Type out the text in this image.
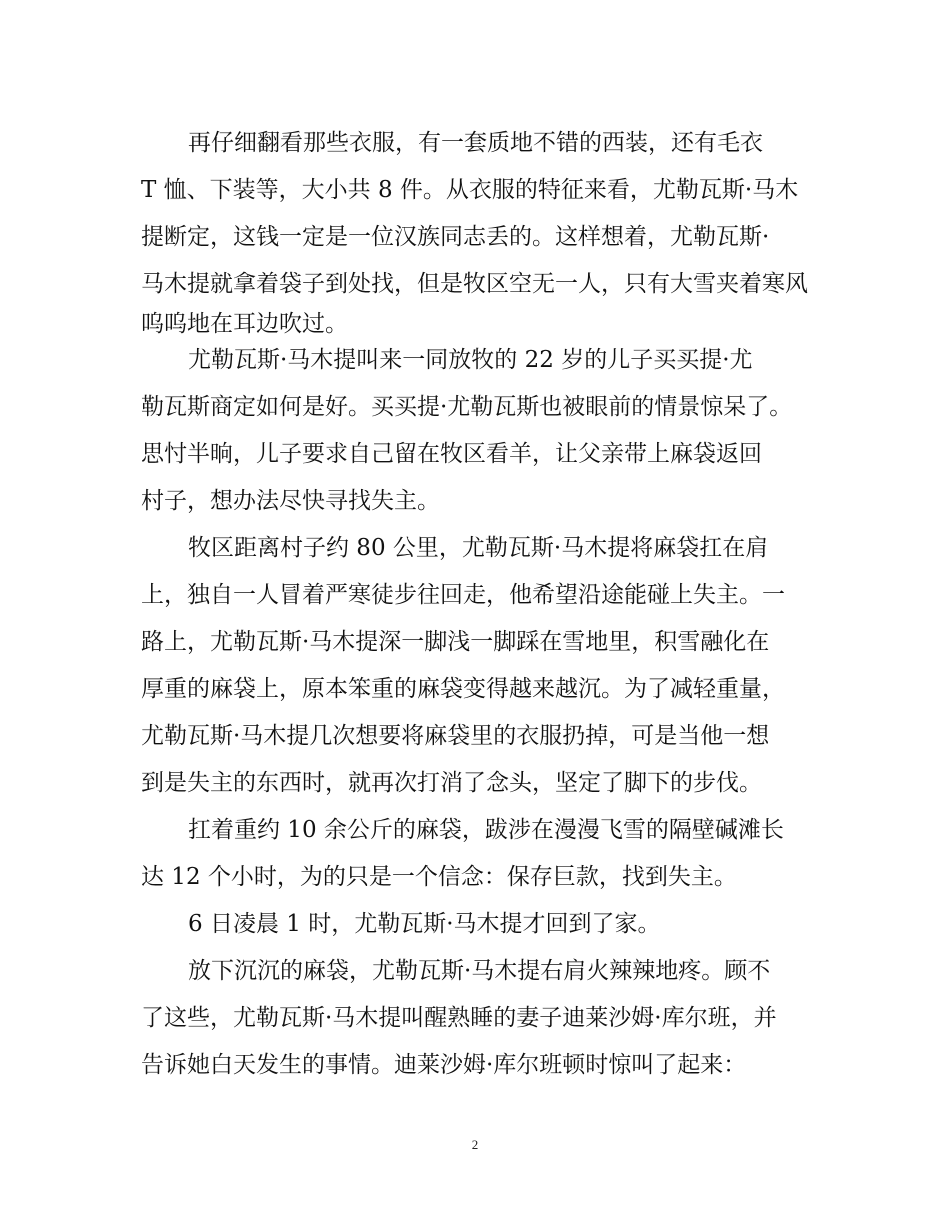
再仔细翻看那些衣服，有一套质地不错的西装，还有毛衣
T 恤、下装等，大小共 8 件。从衣服的特征来看，尤勒瓦斯·马木
提断定，这钱一定是一位汉族同志丢的。这样想着，尤勒瓦斯·
马木提就拿着袋子到处找，但是牧区空无一人，只有大雪夹着寒风
呜呜地在耳边吹过。
尤勒瓦斯·马木提叫来一同放牧的 22 岁的儿子买买提·尤
勒瓦斯商定如何是好。买买提·尤勒瓦斯也被眼前的情景惊呆了。
思忖半晌，儿子要求自己留在牧区看羊，让父亲带上麻袋返回
村子，想办法尽快寻找失主。
牧区距离村子约 80 公里，尤勒瓦斯·马木提将麻袋扛在肩
上，独自一人冒着严寒徒步往回走，他希望沿途能碰上失主。一
路上，尤勒瓦斯·马木提深一脚浅一脚踩在雪地里，积雪融化在
厚重的麻袋上，原本笨重的麻袋变得越来越沉。为了减轻重量，
尤勒瓦斯·马木提几次想要将麻袋里的衣服扔掉，可是当他一想
到是失主的东西时，就再次打消了念头，坚定了脚下的步伐。
扛着重约 10 余公斤的麻袋，跋涉在漫漫飞雪的隔壁碱滩长
达 12 个小时，为的只是一个信念：保存巨款，找到失主。
6 日凌晨 1 时，尤勒瓦斯·马木提才回到了家。
放下沉沉的麻袋，尤勒瓦斯·马木提右肩火辣辣地疼。顾不
了这些，尤勒瓦斯·马木提叫醒熟睡的妻子迪莱沙姆·库尔班，并
告诉她白天发生的事情。迪莱沙姆·库尔班顿时惊叫了起来：
2
